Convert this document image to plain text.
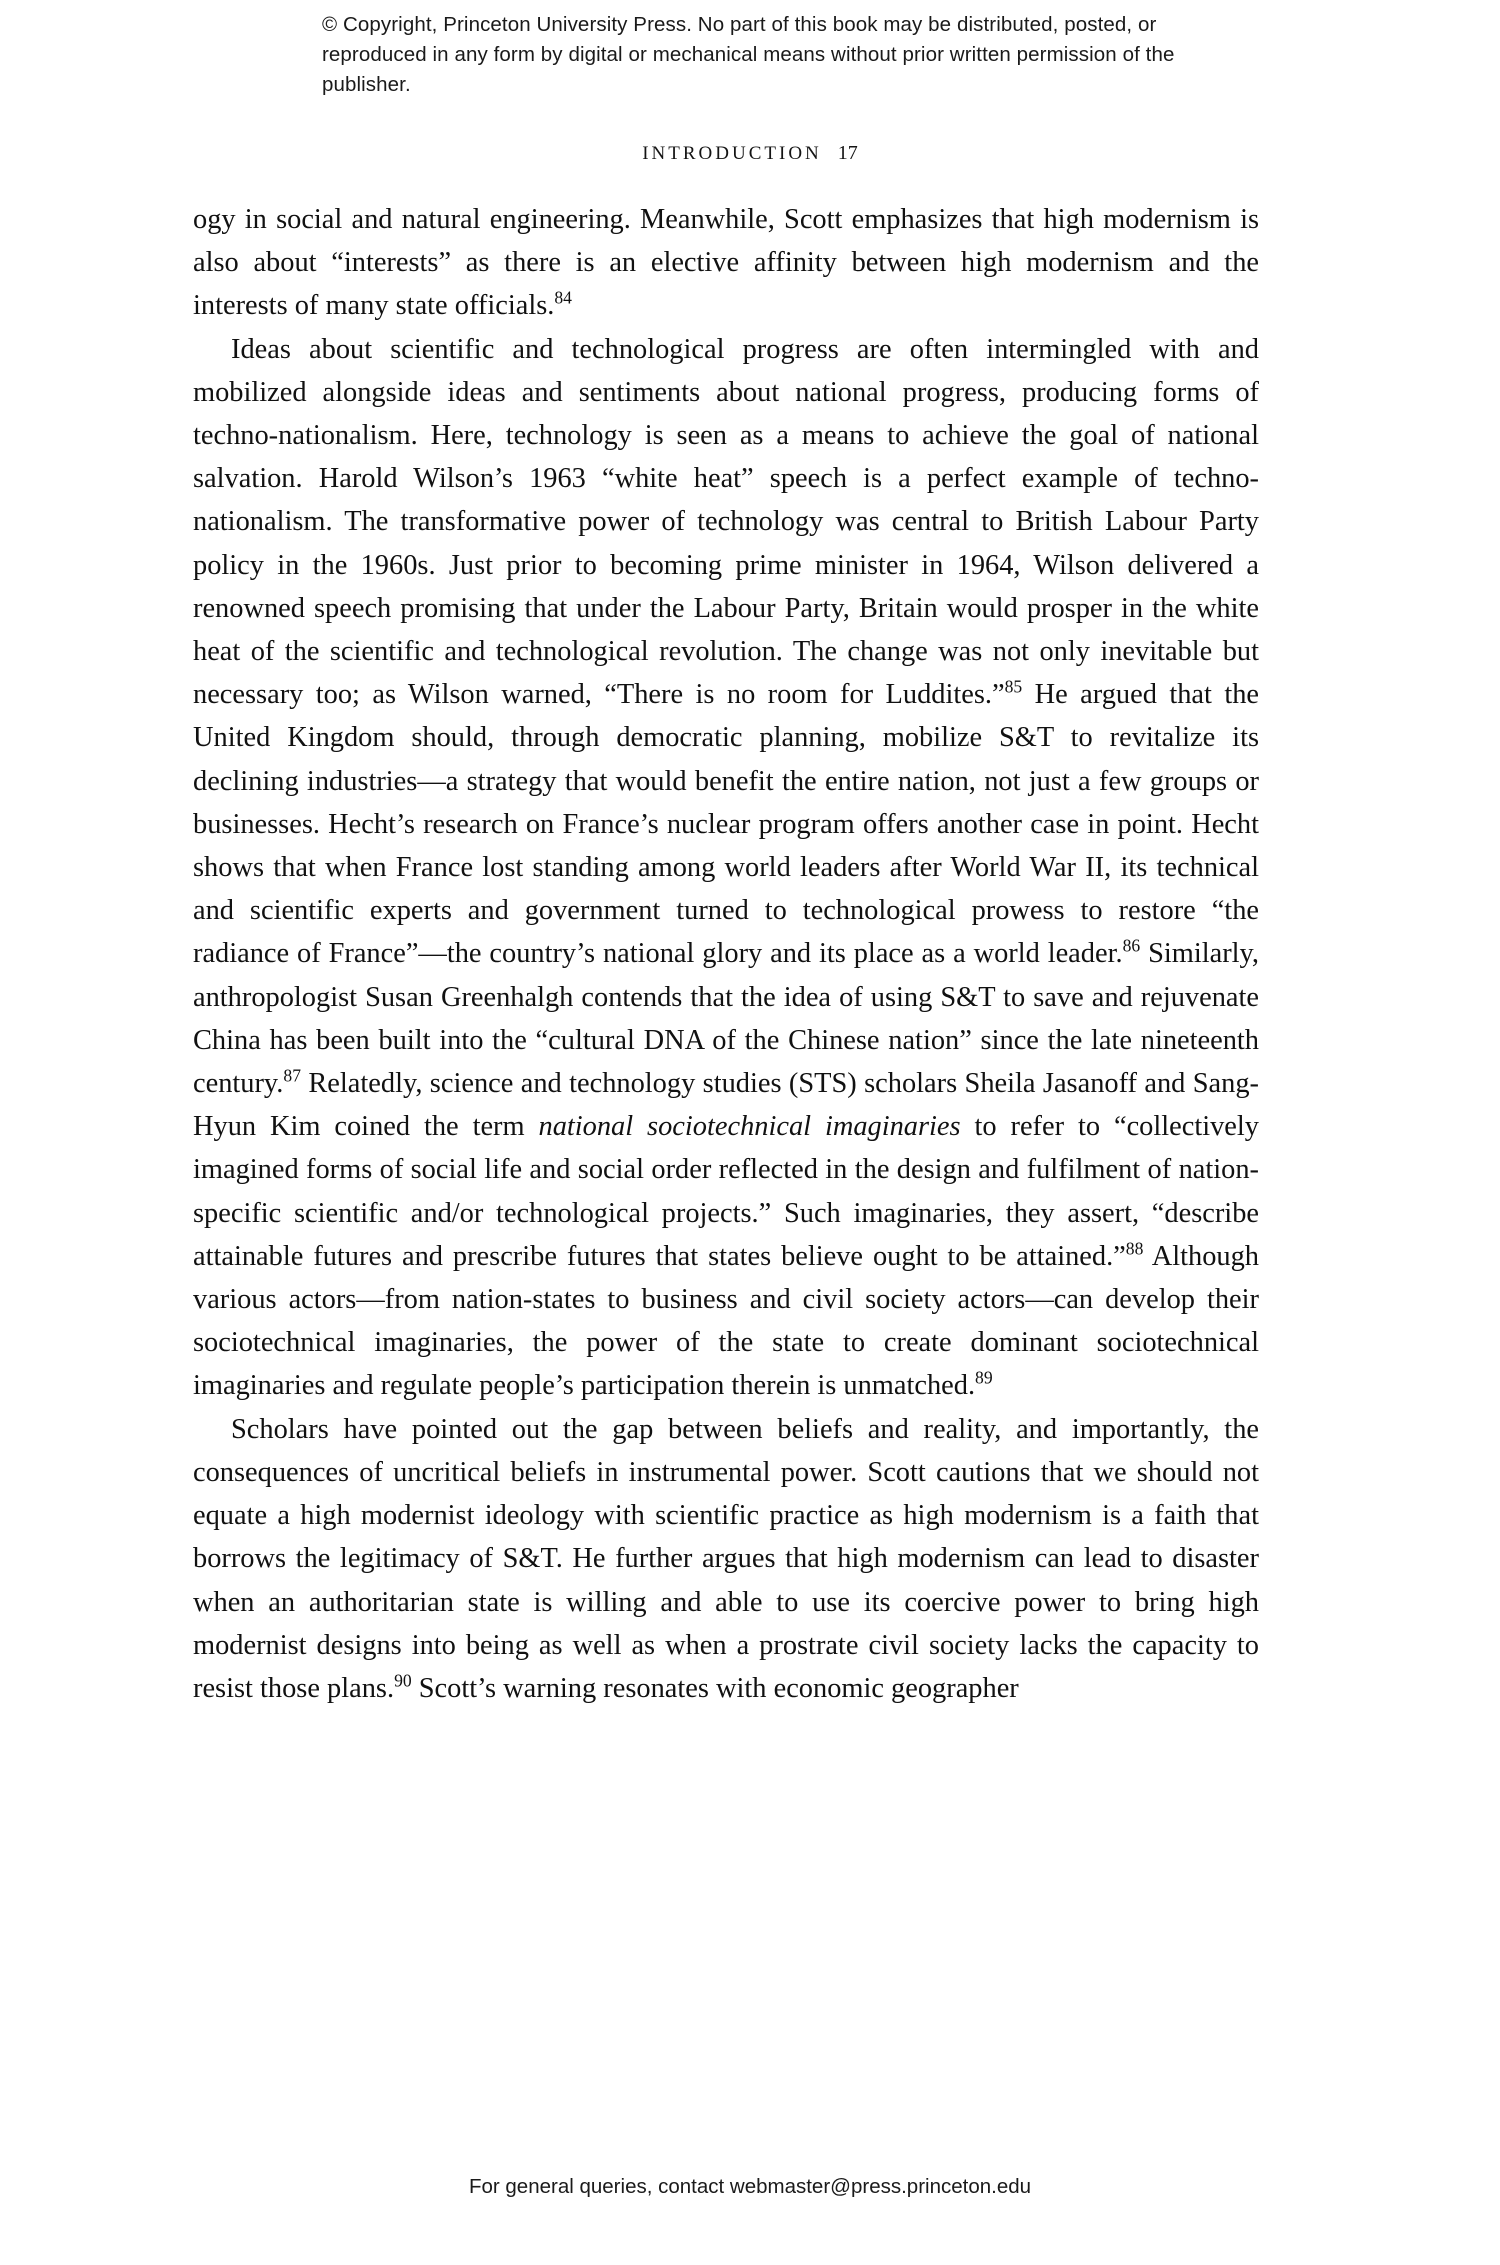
© Copyright, Princeton University Press. No part of this book may be distributed, posted, or reproduced in any form by digital or mechanical means without prior written permission of the publisher.
INTRODUCTION 17

ogy in social and natural engineering. Meanwhile, Scott emphasizes that high modernism is also about “interests” as there is an elective affinity between high modernism and the interests of many state officials.$^{84}$

Ideas about scientific and technological progress are often intermingled with and mobilized alongside ideas and sentiments about national progress, producing forms of techno-nationalism. Here, technology is seen as a means to achieve the goal of national salvation. Harold Wilson’s 1963 “white heat” speech is a perfect example of techno-nationalism. The transformative power of technology was central to British Labour Party policy in the 1960s. Just prior to becoming prime minister in 1964, Wilson delivered a renowned speech promising that under the Labour Party, Britain would prosper in the white heat of the scientific and technological revolution. The change was not only inevitable but necessary too; as Wilson warned, “There is no room for Luddites.”$^{85}$ He argued that the United Kingdom should, through democratic planning, mobilize S&T to revitalize its declining industries—a strategy that would benefit the entire nation, not just a few groups or businesses. Hecht’s research on France’s nuclear program offers another case in point. Hecht shows that when France lost standing among world leaders after World War II, its technical and scientific experts and government turned to technological prowess to restore “the radiance of France”—the country’s national glory and its place as a world leader.$^{86}$ Similarly, anthropologist Susan Greenhalgh contends that the idea of using S&T to save and rejuvenate China has been built into the “cultural DNA of the Chinese nation” since the late nineteenth century.$^{87}$ Relatedly, science and technology studies (STS) scholars Sheila Jasanoff and Sang-Hyun Kim coined the term national sociotechnical imaginaries to refer to “collectively imagined forms of social life and social order reflected in the design and fulfilment of nation-specific scientific and/or technological projects.” Such imaginaries, they assert, “describe attainable futures and prescribe futures that states believe ought to be attained.”$^{88}$ Although various actors—from nation-states to business and civil society actors—can develop their sociotechnical imaginaries, the power of the state to create dominant sociotechnical imaginaries and regulate people’s participation therein is unmatched.$^{89}$

Scholars have pointed out the gap between beliefs and reality, and importantly, the consequences of uncritical beliefs in instrumental power. Scott cautions that we should not equate a high modernist ideology with scientific practice as high modernism is a faith that borrows the legitimacy of S&T. He further argues that high modernism can lead to disaster when an authoritarian state is willing and able to use its coercive power to bring high modernist designs into being as well as when a prostrate civil society lacks the capacity to resist those plans.$^{90}$ Scott’s warning resonates with economic geographer

For general queries, contact webmaster@press.princeton.edu
